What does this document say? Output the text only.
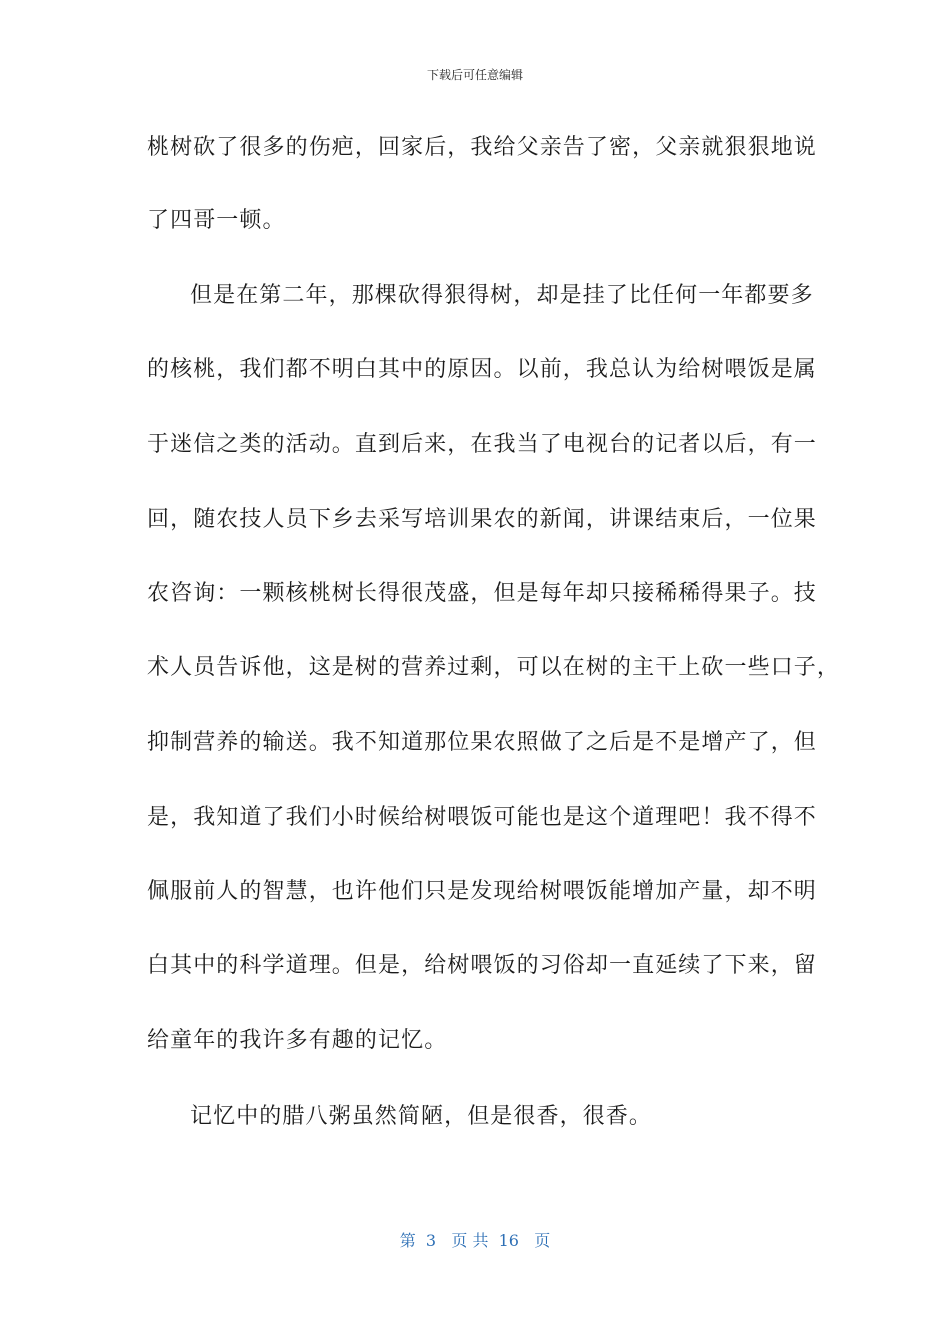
下载后可任意编辑

桃树砍了很多的伤疤，回家后，我给父亲告了密，父亲就狠狠地说

了四哥一顿。

但是在第二年，那棵砍得狠得树，却是挂了比任何一年都要多

的核桃，我们都不明白其中的原因。以前，我总认为给树喂饭是属

于迷信之类的活动。直到后来，在我当了电视台的记者以后，有一

回，随农技人员下乡去采写培训果农的新闻，讲课结束后，一位果

农咨询：一颗核桃树长得很茂盛，但是每年却只接稀稀得果子。技

术人员告诉他，这是树的营养过剩，可以在树的主干上砍一些口子，

抑制营养的输送。我不知道那位果农照做了之后是不是增产了，但

是，我知道了我们小时候给树喂饭可能也是这个道理吧！我不得不

佩服前人的智慧，也许他们只是发现给树喂饭能增加产量，却不明

白其中的科学道理。但是，给树喂饭的习俗却一直延续了下来，留

给童年的我许多有趣的记忆。

记忆中的腊八粥虽然简陋，但是很香，很香。

第  3   页 共  16   页
